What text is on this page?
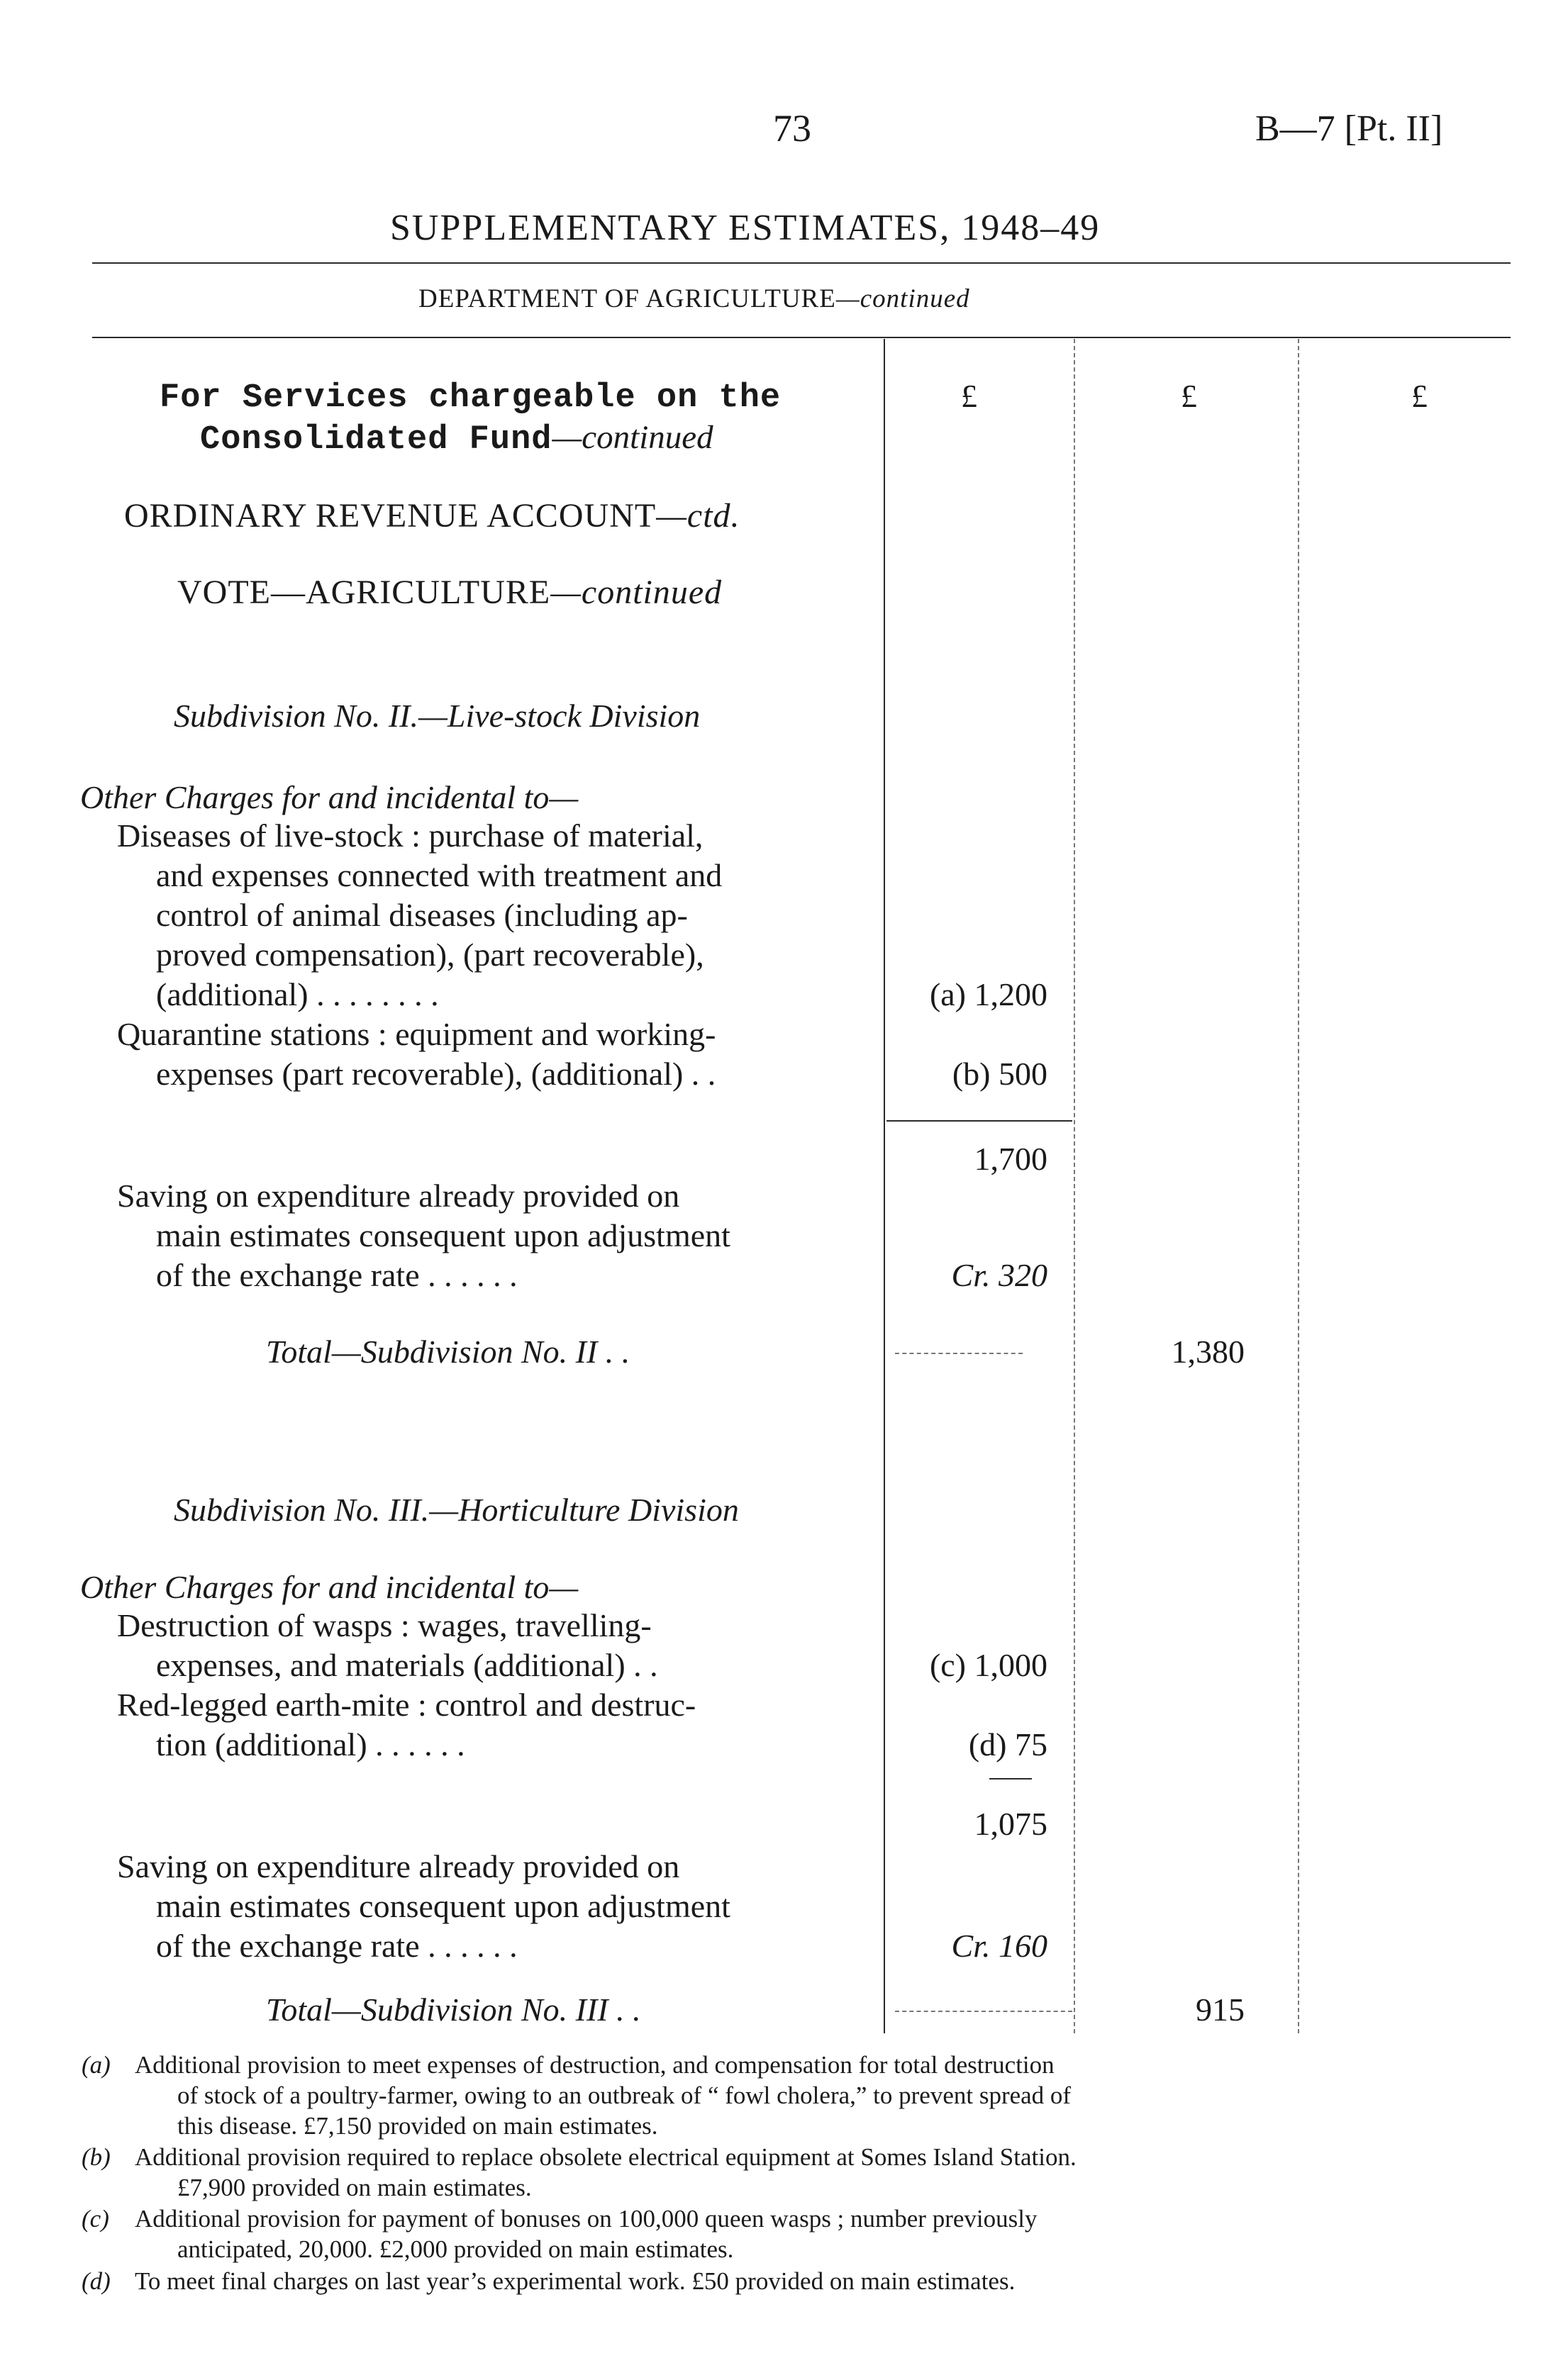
73	B—7 [Pt. II]
SUPPLEMENTARY ESTIMATES, 1948–49
DEPARTMENT OF AGRICULTURE—continued
£	£	£
For Services chargeable on the
Consolidated Fund—continued
ORDINARY REVENUE ACCOUNT—ctd.
VOTE—AGRICULTURE—continued
Subdivision No. II.—Live-stock Division
Other Charges for and incidental to—
Diseases of live-stock : purchase of material,
and expenses connected with treatment and
control of animal diseases (including ap-
proved compensation), (part recoverable),
(additional) . . . . . . . .	(a) 1,200
Quarantine stations : equipment and working-
expenses (part recoverable), (additional) . .	(b) 500
1,700
Saving on expenditure already provided on
main estimates consequent upon adjustment
of the exchange rate . . . . . .	Cr. 320
Total—Subdivision No. II . .	1,380
Subdivision No. III.—Horticulture Division
Other Charges for and incidental to—
Destruction of wasps : wages, travelling-
expenses, and materials (additional) . .	(c) 1,000
Red-legged earth-mite : control and destruc-
tion (additional) . . . . . .	(d) 75
1,075
Saving on expenditure already provided on
main estimates consequent upon adjustment
of the exchange rate . . . . . .	Cr. 160
Total—Subdivision No. III . .	915
(a) Additional provision to meet expenses of destruction, and compensation for total destruction
of stock of a poultry-farmer, owing to an outbreak of “ fowl cholera,” to prevent spread of
this disease. £7,150 provided on main estimates.
(b) Additional provision required to replace obsolete electrical equipment at Somes Island Station.
£7,900 provided on main estimates.
(c) Additional provision for payment of bonuses on 100,000 queen wasps ; number previously
anticipated, 20,000. £2,000 provided on main estimates.
(d) To meet final charges on last year’s experimental work. £50 provided on main estimates.
